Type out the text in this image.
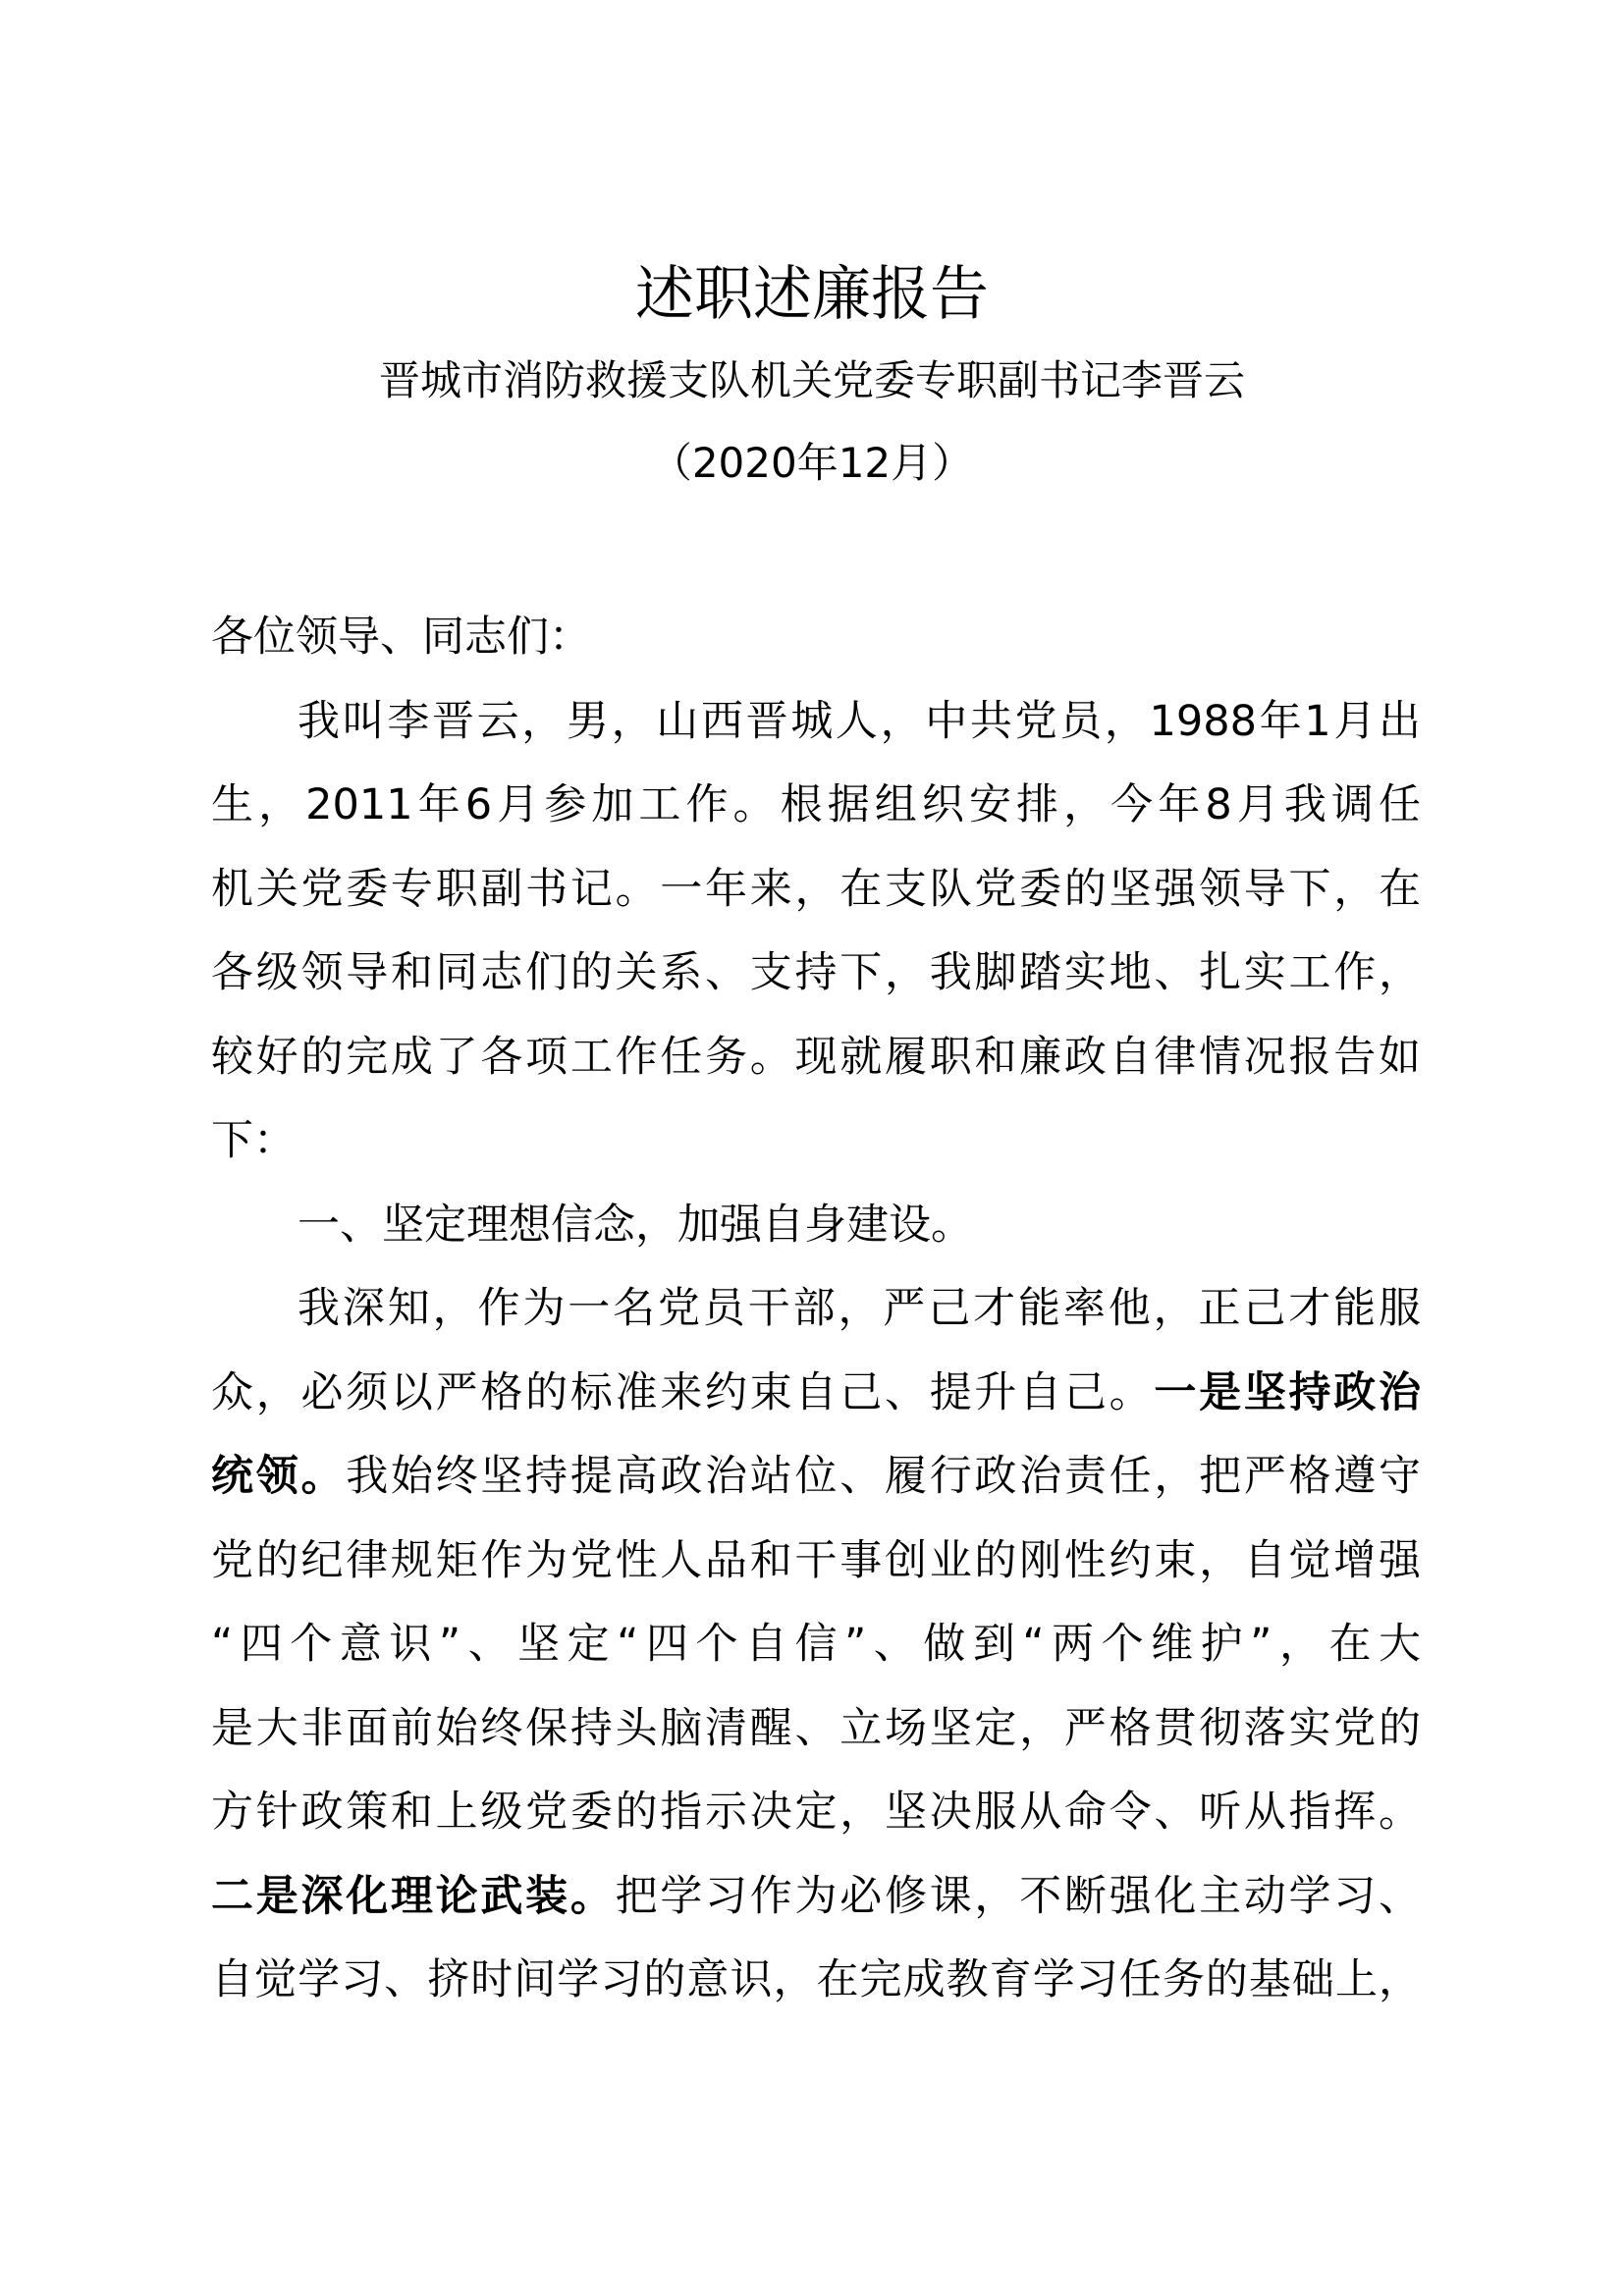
述职述廉报告
晋城市消防救援支队机关党委专职副书记李晋云
（2020年12月）
各位领导、同志们：
我叫李晋云，男，山西晋城人，中共党员，1988年1月出
生，2011年6月参加工作。根据组织安排，今年8月我调任
机关党委专职副书记。一年来，在支队党委的坚强领导下，在
各级领导和同志们的关系、支持下，我脚踏实地、扎实工作，
较好的完成了各项工作任务。现就履职和廉政自律情况报告如
下：
一、坚定理想信念，加强自身建设。
我深知，作为一名党员干部，严己才能率他，正己才能服
众，必须以严格的标准来约束自己、提升自己。一是坚持政治
统领。我始终坚持提高政治站位、履行政治责任，把严格遵守
党的纪律规矩作为党性人品和干事创业的刚性约束，自觉增强
“四个意识”、坚定“四个自信”、做到“两个维护”，在大
是大非面前始终保持头脑清醒、立场坚定，严格贯彻落实党的
方针政策和上级党委的指示决定，坚决服从命令、听从指挥。
二是深化理论武装。把学习作为必修课，不断强化主动学习、
自觉学习、挤时间学习的意识，在完成教育学习任务的基础上，
